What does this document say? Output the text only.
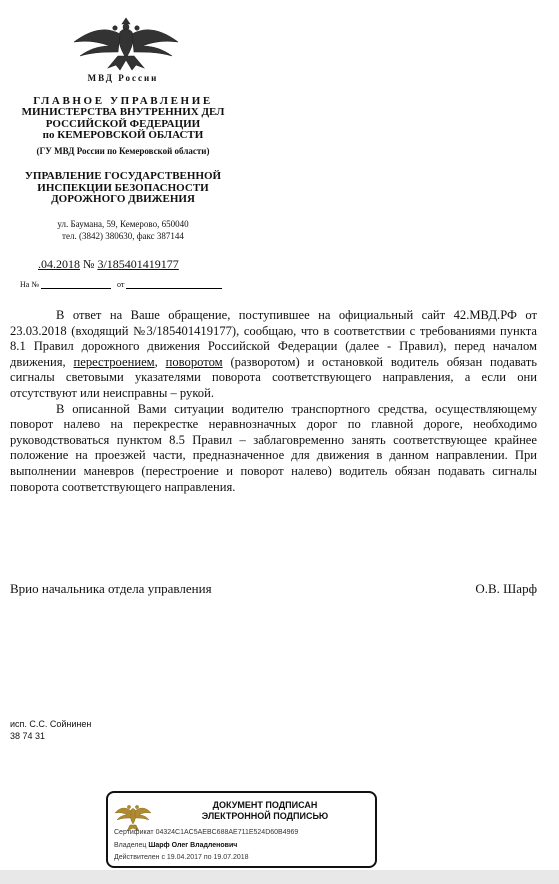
МВД России
ГЛАВНОЕ УПРАВЛЕНИЕ
МИНИСТЕРСТВА ВНУТРЕННИХ ДЕЛ
РОССИЙСКОЙ ФЕДЕРАЦИИ
по КЕМЕРОВСКОЙ ОБЛАСТИ
(ГУ МВД России по Кемеровской области)
УПРАВЛЕНИЕ ГОСУДАРСТВЕННОЙ
ИНСПЕКЦИИ БЕЗОПАСНОСТИ
ДОРОЖНОГО ДВИЖЕНИЯ
ул. Бауманa, 59, Кемерово, 650040
тел. (3842) 380630, факс 387144
.04.2018 № 3/185401419177
На №	от

В ответ на Ваше обращение, поступившее на официальный сайт 42.МВД.РФ от 23.03.2018 (входящий №3/185401419177), сообщаю, что в соответствии с требованиями пункта 8.1 Правил дорожного движения Российской Федерации (далее - Правил), перед началом движения, перестроением, поворотом (разворотом) и остановкой водитель обязан подавать сигналы световыми указателями поворота соответствующего направления, а если они отсутствуют или неисправны – рукой.

В описанной Вами ситуации водителю транспортного средства, осуществляющему поворот налево на перекрестке неравнозначных дорог по главной дороге, необходимо руководствоваться пунктом 8.5 Правил – заблаговременно занять соответствующее крайнее положение на проезжей части, предназначенное для движения в данном направлении. При выполнении маневров (перестроение и поворот налево) водитель обязан подавать сигналы поворота соответствующего направления.

Врио начальника отдела управления	О.В. Шарф
исп. С.С. Сойнинен
38 74 31
ДОКУМЕНТ ПОДПИСАН
ЭЛЕКТРОННОЙ ПОДПИСЬЮ
Сертификат 04324C1AC5AEBC688AE711E524D60B4969
Владелец Шарф Олег Владленович
Действителен с 19.04.2017 по 19.07.2018
